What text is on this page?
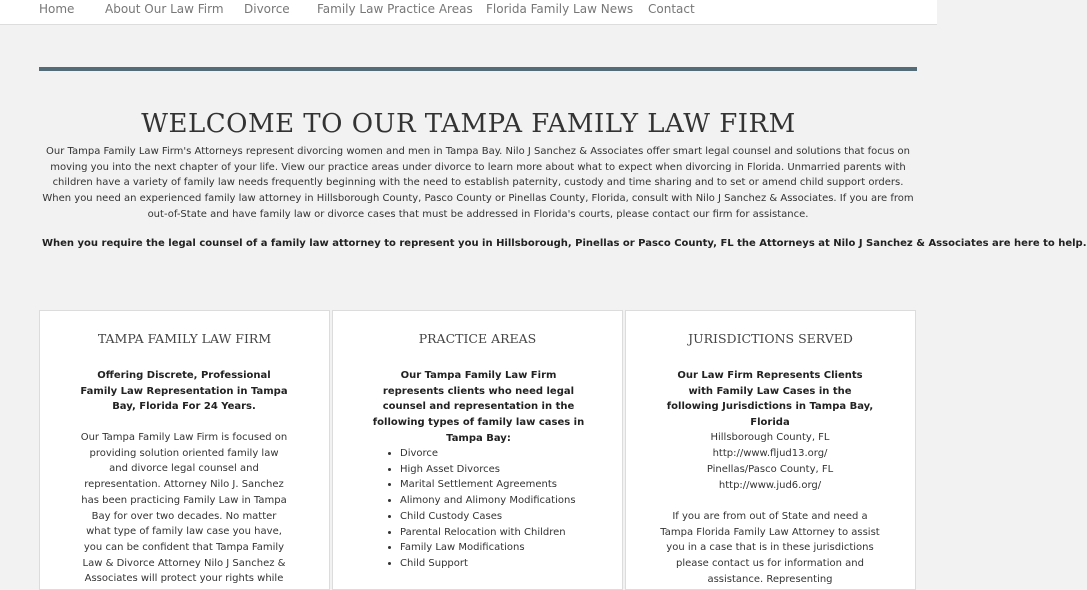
Home	About Our Law Firm Divorce Family Law Practice Areas Florida Family Law News Contact
WELCOME TO OUR TAMPA FAMILY LAW FIRM

Our Tampa Family Law Firm's Attorneys represent divorcing women and men in Tampa Bay. Nilo J Sanchez & Associates offer smart legal counsel and solutions that focus on moving you into the next chapter of your life. View our practice areas under divorce to learn more about what to expect when divorcing in Florida. Unmarried parents with children have a variety of family law needs frequently beginning with the need to establish paternity, custody and time sharing and to set or amend child support orders. When you need an experienced family law attorney in Hillsborough County, Pasco County or Pinellas County, Florida, consult with Nilo J Sanchez & Associates. If you are from out-of-State and have family law or divorce cases that must be addressed in Florida's courts, please contact our firm for assistance.

When you require the legal counsel of a family law attorney to represent you in Hillsborough, Pinellas or Pasco County, FL the Attorneys at Nilo J Sanchez & Associates are here to help.

TAMPA FAMILY LAW FIRM
Offering Discrete, Professional Family Law Representation in Tampa Bay, Florida For 24 Years.
Our Tampa Family Law Firm is focused on providing solution oriented family law and divorce legal counsel and representation. Attorney Nilo J. Sanchez has been practicing Family Law in Tampa Bay for over two decades. No matter what type of family law case you have, you can be confident that Tampa Family Law & Divorce Attorney Nilo J Sanchez & Associates will protect your rights while
PRACTICE AREAS
Our Tampa Family Law Firm represents clients who need legal counsel and representation in the following types of family law cases in Tampa Bay:
• Divorce
• High Asset Divorces
• Marital Settlement Agreements
• Alimony and Alimony Modifications
• Child Custody Cases
• Parental Relocation with Children
• Family Law Modifications
• Child Support
JURISDICTIONS SERVED
Our Law Firm Represents Clients with Family Law Cases in the following Jurisdictions in Tampa Bay, Florida
Hillsborough County, FL
http://www.fljud13.org/
Pinellas/Pasco County, FL
http://www.jud6.org/
If you are from out of State and need a Tampa Florida Family Law Attorney to assist you in a case that is in these jurisdictions please contact us for information and assistance. Representing
